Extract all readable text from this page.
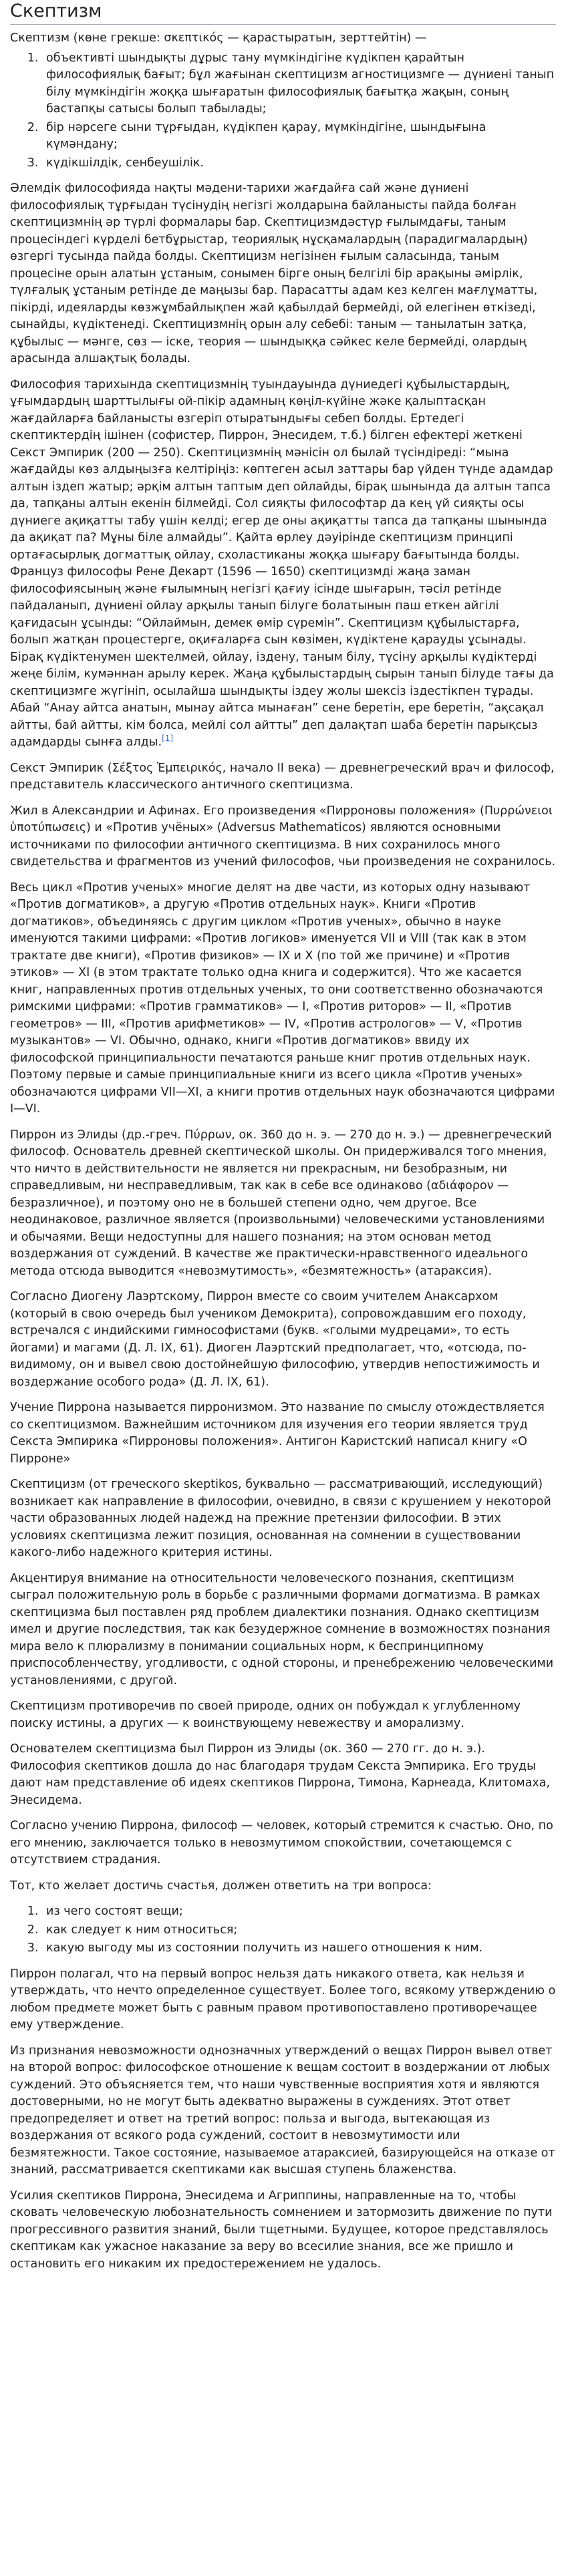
Скептизм

Скептизм (көне грекше: σκεπτικός — қарастыратын, зерттейтін) —

1. объективті шындықты дұрыс тану мүмкіндігіне күдікпен қарайтын философиялық бағыт; бұл жағынан скептицизм агностицизмге — дүниені танып білу мүмкіндігін жоққа шығаратын философиялық бағытқа жақын, соның бастапқы сатысы болып табылады;
2. бір нәрсеге сыни тұрғыдан, күдікпен қарау, мүмкіндігіне, шындығына күмәндану;
3. күдікшілдік, сенбеушілік.

Әлемдік философияда нақты мәдени-тарихи жағдайға сай және дүниені философиялық тұрғыдан түсінудің негізгі жолдарына байланысты пайда болған скептицизмнің әр түрлі формалары бар. Скептицизмдәстүр ғылымдағы, таным процесіндегі күрделі бетбұрыстар, теориялық нұсқамалардың (парадигмалардың) өзгергі тусында пайда болды. Скептицизм негізінен ғылым саласында, таным процесіне орын алатын ұстаным, сонымен бірге оның белгілі бір арақыны әмірлік, түлғалық ұстаным ретінде де маңызы бар. Парасатты адам кез келген мағлұматты, пікірді, идеяларды көзжұмбайлықпен жай қабылдай бермейді, ой елегінен өткізеді, сынайды, күдіктенеді. Скептицизмнің орын алу себебі: таным — танылатын затқа, құбылыс — мәнге, сөз — іскe, теория — шындыққа сәйкес келе бермейді, олардың арасында алшақтық болады.

Философия тарихында скептицизмнің туындауында дүниедегі құбылыстардың, ұғымдардың шарттылығы ой-пікір адамның көңіл-күйіне жәке қалыптасқан жағдайларға байланысты өзгеріп отыратындығы себеп болды. Ертедегі скептиктердің ішінен (софистер, Пиррон, Энесидем, т.б.) білген ефектері жеткені Секст Эмпирик (200 — 250). Скептицизмнің мәнісін ол былай түсіндіреді: “мына жағдайды көз алдыңызға келтіріңіз: көптеген асыл заттары бар үйден түнде адамдар алтын іздеп жатыр; әрқім алтын таптым деп ойлайды, бірақ шынында да алтын тапса да, тапқаны алтын екенін білмейді. Сол сияқты философтар да кең үй сияқты осы дүниеге ақиқатты табу үшін келді; егер де оны ақиқатты тапса да тапқаны шынында да ақиқат па? Мұны біле алмайды”. Қайта өрлеу дәуірінде скептицизм принципі ортағасырлық догматтық ойлау, схоластиканы жоққа шығару бағытында болды. Француз философы Рене Декарт (1596 — 1650) скептицизмді жаңа заман философиясының және ғылымның негізгі қағиу ісінде шығарын, тәсіл ретінде пайдаланып, дүниені ойлау арқылы танып білуге болатынын паш еткен айгілі қағидасын ұсынды: “Ойлаймын, демек өмір сүремін”. Скептицизм құбылыстарға, болып жатқан процестерге, оқиғаларға сын көзімен, күдіктене қарауды ұсынады. Бірақ күдіктенумен шектелмей, ойлау, іздену, таным білу, түсіну арқылы күдіктерді жеңе білім, кумәннан арылу керек. Жаңа құбылыстардың сырын танып білуде тағы да скептицизмге жүгініп, осылайша шындықты іздеу жолы шексіз іздестікпен тұрады. Абай “Анау айтса анатын, мынау айтса мынаған” сене беретін, ере беретін, “ақсақал айтты, бай айтты, кім болса, мейлі сол айтты” деп далақтап шаба беретін парықсыз адамдарды сынға алды.[1]

Секст Эмпирик (Σέξτος Ἐμπειρικός, начало II века) — древнегреческий врач и философ, представитель классического античного скептицизма.

Жил в Александрии и Афинах. Его произведения «Пирроновы положения» (Πυρρώνειοι ὑποτύπωσεις) и «Против учёных» (Adversus Mathematicos) являются основными источниками по философии античного скептицизма. В них сохранилось много свидетельства и фрагментов из учений философов, чьи произведения не сохранилось.

Весь цикл «Против ученых» многие делят на две части, из которых одну называют «Против догматиков», а другую «Против отдельных наук». Книги «Против догматиков», объединяясь с другим циклом «Против ученых», обычно в науке именуются такими цифрами: «Против логиков» именуется VII и VIII (так как в этом трактате две книги), «Против физиков» — IX и X (по той же причине) и «Против этиков» — XI (в этом трактате только одна книга и содержится). Что же касается книг, направленных против отдельных ученых, то они соответственно обозначаются римскими цифрами: «Против грамматиков» — I, «Против риторов» — II, «Против геометров» — III, «Против арифметиков» — IV, «Против астрологов» — V, «Против музыкантов» — VI. Обычно, однако, книги «Против догматиков» ввиду их философской принципиальности печатаются раньше книг против отдельных наук. Поэтому первые и самые принципиальные книги из всего цикла «Против ученых» обозначаются цифрами VII—XI, а книги против отдельных наук обозначаются цифрами I—VI.

Пиррон из Элиды (др.-греч. Πύρρων, ок. 360 до н. э. — 270 до н. э.) — древнегреческий философ. Основатель древней скептической школы. Он придерживался того мнения, что ничто в действительности не является ни прекрасным, ни безобразным, ни справедливым, ни несправедливым, так как в себе все одинаково (αδιάφορον — безразличное), и поэтому оно не в большей степени одно, чем другое. Все неодинаковое, различное является (произвольными) человеческими установлениями и обычаями. Вещи недоступны для нашего познания; на этом основан метод воздержания от суждений. В качестве же практически-нравственного идеального метода отсюда выводится «невозмутимость», «безмятежность» (атараксия).

Согласно Диогену Лаэртскому, Пиррон вместе со своим учителем Анаксархом (который в свою очередь был учеником Демокрита), сопровождавшим его походу, встречался с индийскими гимнософистами (букв. «голыми мудрецами», то есть йогами) и магами (Д. Л. IX, 61). Диоген Лаэртский предполагает, что, «отсюда, по-видимому, он и вывел свою достойнейшую философию, утвердив непостижимость и воздержание особого рода» (Д. Л. IX, 61).

Учение Пиррона называется пирронизмом. Это название по смыслу отождествляется со скептицизмом. Важнейшим источником для изучения его теории является труд Секста Эмпирика «Пирроновы положения». Антигон Каристский написал книгу «О Пирроне»

Скептицизм (от греческого skeptikos, буквально — рассматривающий, исследующий) возникает как направление в философии, очевидно, в связи с крушением у некоторой части образованных людей надежд на прежние претензии философии. В этих условиях скептицизма лежит позиция, основанная на сомнении в существовании какого-либо надежного критерия истины.

Акцентируя внимание на относительности человеческого познания, скептицизм сыграл положительную роль в борьбе с различными формами догматизма. В рамках скептицизма был поставлен ряд проблем диалектики познания. Однако скептицизм имел и другие последствия, так как безудержное сомнение в возможностях познания мира вело к плюрализму в понимании социальных норм, к беспринципному приспособленчеству, угодливости, с одной стороны, и пренебрежению человеческими установлениями, с другой.

Скептицизм противоречив по своей природе, одних он побуждал к углубленному поиску истины, а других — к воинствующему невежеству и аморализму.

Основателем скептицизма был Пиррон из Элиды (ок. 360 — 270 гг. до н. э.). Философия скептиков дошла до нас благодаря трудам Секста Эмпирика. Его труды дают нам представление об идеях скептиков Пиррона, Тимона, Карнеада, Клитомаха, Энесидема.

Согласно учению Пиррона, философ — человек, который стремится к счастью. Оно, по его мнению, заключается только в невозмутимом спокойствии, сочетающемся с отсутствием страдания.

Тот, кто желает достичь счастья, должен ответить на три вопроса:

1. из чего состоят вещи;
2. как следует к ним относиться;
3. какую выгоду мы из состоянии получить из нашего отношения к ним.

Пиррон полагал, что на первый вопрос нельзя дать никакого ответа, как нельзя и утверждать, что нечто определенное существует. Более того, всякому утверждению о любом предмете может быть с равным правом противопоставлено противоречащее ему утверждение.

Из признания невозможности однозначных утверждений о вещах Пиррон вывел ответ на второй вопрос: философское отношение к вещам состоит в воздержании от любых суждений. Это объясняется тем, что наши чувственные восприятия хотя и являются достоверными, но не могут быть адекватно выражены в суждениях. Этот ответ предопределяет и ответ на третий вопрос: польза и выгода, вытекающая из воздержания от всякого рода суждений, состоит в невозмутимости или безмятежности. Такое состояние, называемое атараксией, базирующейся на отказе от знаний, рассматривается скептиками как высшая ступень блаженства.

Усилия скептиков Пиррона, Энесидема и Агриппины, направленные на то, чтобы сковать человеческую любознательность сомнением и затормозить движение по пути прогрессивного развития знаний, были тщетными. Будущее, которое представлялось скептикам как ужасное наказание за веру во всесилие знания, все же пришло и остановить его никаким их предостережением не удалось.
